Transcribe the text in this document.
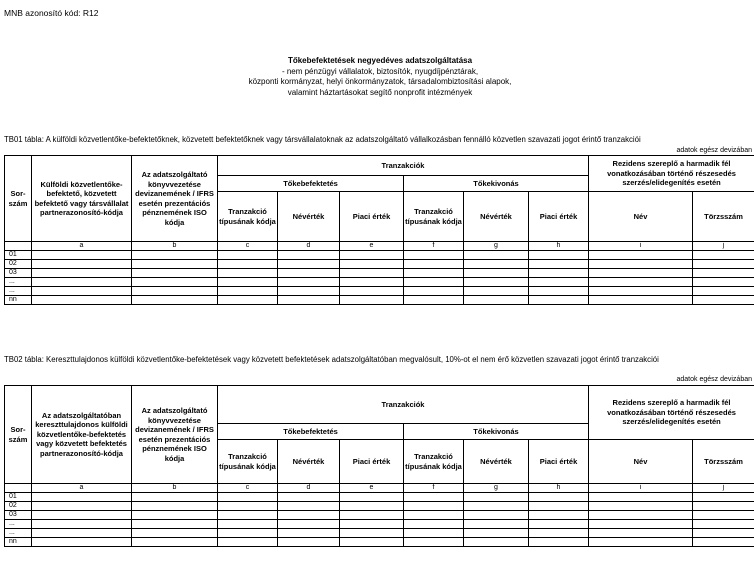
MNB azonosító kód: R12
Tőkebefektetések negyedéves adatszolgáltatása
- nem pénzügyi vállalatok, biztosítók, nyugdíjpénztárak,
központi kormányzat, helyi önkormányzatok, társadalombiztosítási alapok,
valamint háztartásokat segítő nonprofit intézmények
TB01 tábla: A külföldi közvetlentőke-befektetőknek, közvetett befektetőknek vagy társvállalatoknak az adatszolgáltató vállalkozásban fennálló közvetlen szavazati jogot érintő tranzakciói
adatok egész devizában
Sor-szám	Külföldi közvetlentőke-befektető, közvetett befektető vagy társvállalat partnerazonosító-kódja	Az adatszolgáltató könyvvezetése devizanemének / IFRS esetén prezentációs pénznemének ISO kódja	Tranzakciók						Rezidens szereplő a harmadik fél vonatkozásában történő részesedés szerzés/elidegenítés esetén	
			Tőkebefektetés			Tőkekivonás				
			Tranzakció típusának kódja	Névérték	Piaci érték	Tranzakció típusának kódja	Névérték	Piaci érték	Név	Törzsszám
	a	b	c	d	e	f	g	h	i	j
01										
02										
03										
...										
...										
nn										
TB02 tábla: Kereszttulajdonos külföldi közvetlentőke-befektetések vagy közvetett befektetések adatszolgáltatóban megvalósult, 10%-ot el nem érő közvetlen szavazati jogot érintő tranzakciói
adatok egész devizában
Sor-szám	Az adatszolgáltatóban kereszttulajdonos külföldi közvetlentőke-befektetés vagy közvetett befektetés partnerazonosító-kódja	Az adatszolgáltató könyvvezetése devizanemének / IFRS esetén prezentációs pénznemének ISO kódja	Tranzakciók						Rezidens szereplő a harmadik fél vonatkozásában történő részesedés szerzés/elidegenítés esetén	
			Tőkebefektetés			Tőkekivonás				
			Tranzakció típusának kódja	Névérték	Piaci érték	Tranzakció típusának kódja	Névérték	Piaci érték	Név	Törzsszám
	a	b	c	d	e	f	g	h	i	j
01										
02										
03										
...										
...										
nn										
